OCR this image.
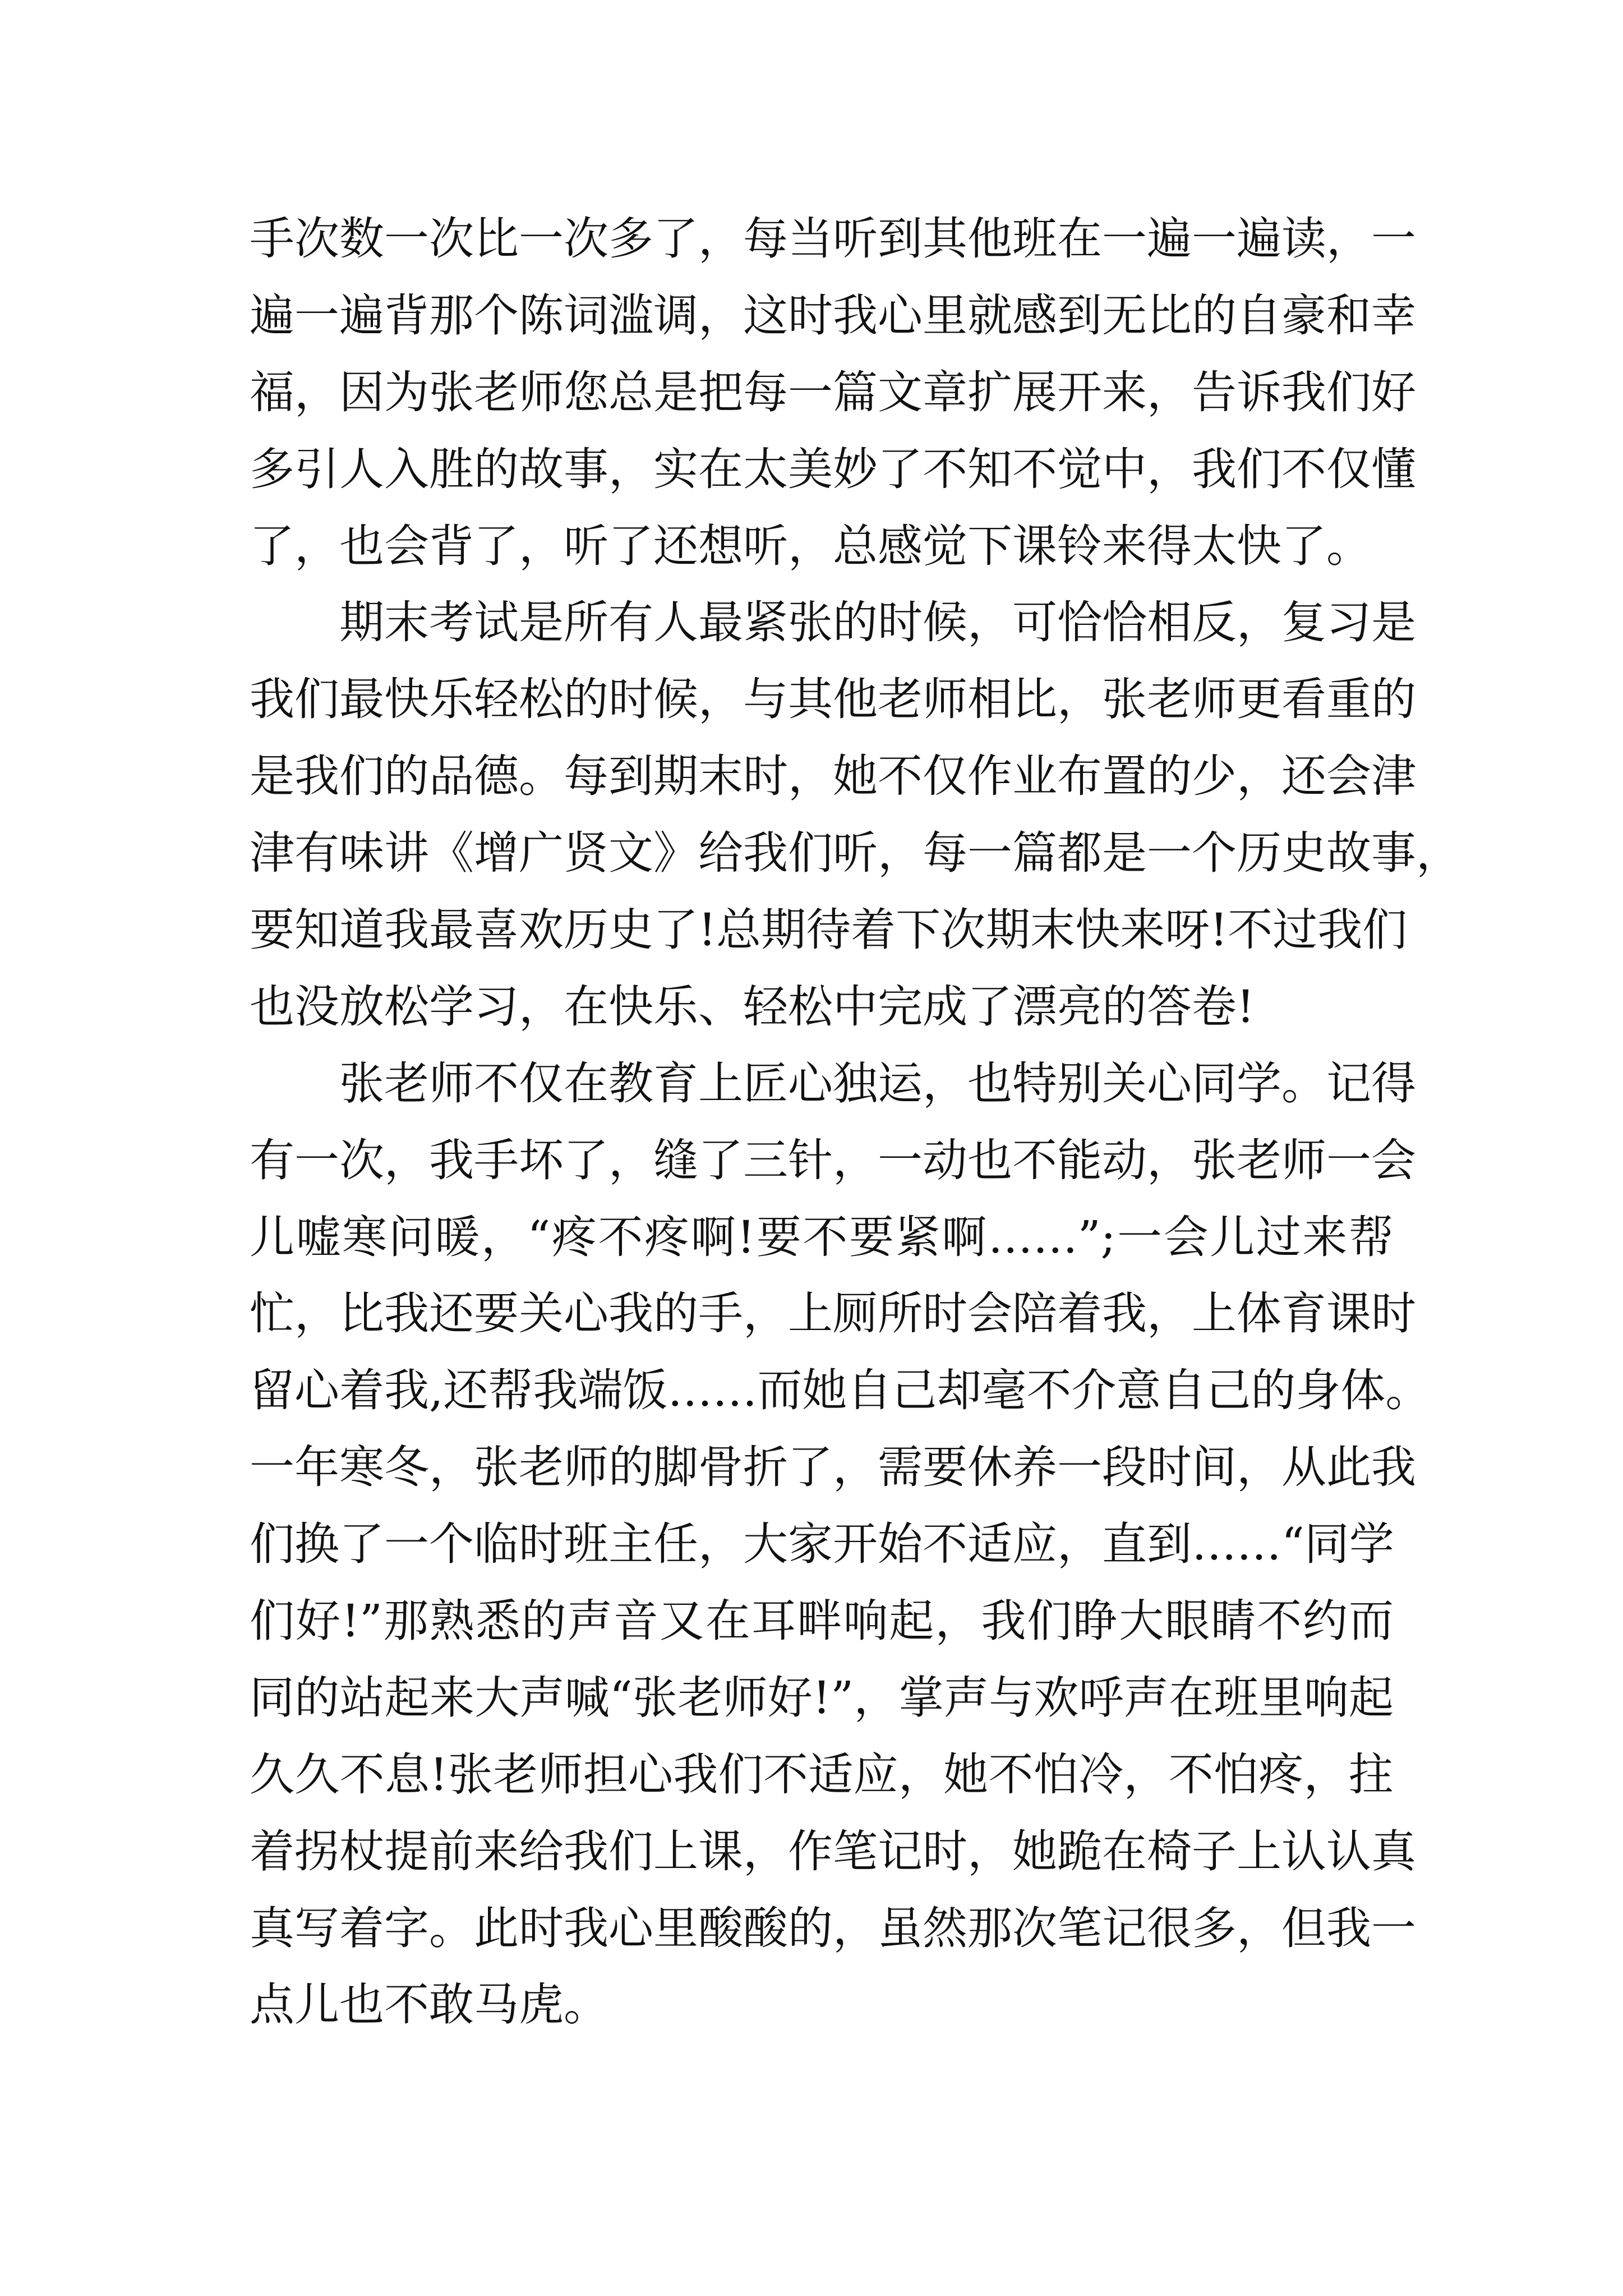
手次数一次比一次多了，每当听到其他班在一遍一遍读，一
遍一遍背那个陈词滥调，这时我心里就感到无比的自豪和幸
福，因为张老师您总是把每一篇文章扩展开来，告诉我们好
多引人入胜的故事，实在太美妙了不知不觉中，我们不仅懂
了，也会背了，听了还想听，总感觉下课铃来得太快了。
期末考试是所有人最紧张的时候，可恰恰相反，复习是
我们最快乐轻松的时候，与其他老师相比，张老师更看重的
是我们的品德。每到期末时，她不仅作业布置的少，还会津
津有味讲《增广贤文》给我们听，每一篇都是一个历史故事，
要知道我最喜欢历史了!总期待着下次期末快来呀!不过我们
也没放松学习，在快乐、轻松中完成了漂亮的答卷!
张老师不仅在教育上匠心独运，也特别关心同学。记得
有一次，我手坏了，缝了三针，一动也不能动，张老师一会
儿嘘寒问暖，“疼不疼啊!要不要紧啊……”;一会儿过来帮
忙，比我还要关心我的手，上厕所时会陪着我，上体育课时
留心着我,还帮我端饭……而她自己却毫不介意自己的身体。
一年寒冬，张老师的脚骨折了，需要休养一段时间，从此我
们换了一个临时班主任，大家开始不适应，直到……“同学
们好!”那熟悉的声音又在耳畔响起，我们睁大眼睛不约而
同的站起来大声喊“张老师好!”，掌声与欢呼声在班里响起
久久不息!张老师担心我们不适应，她不怕冷，不怕疼，拄
着拐杖提前来给我们上课，作笔记时，她跪在椅子上认认真
真写着字。此时我心里酸酸的，虽然那次笔记很多，但我一
点儿也不敢马虎。
